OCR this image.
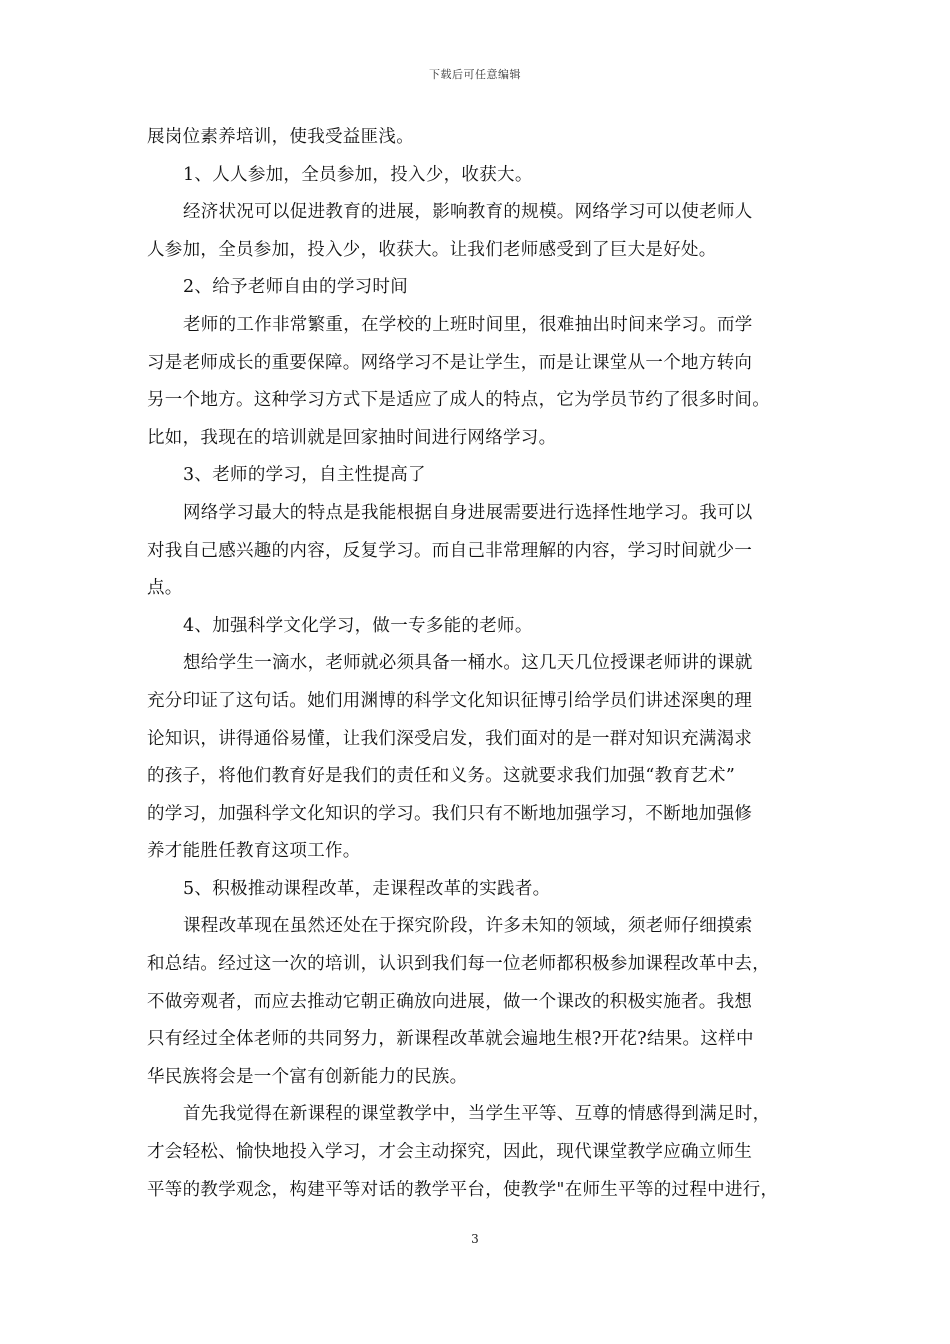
下载后可任意编辑
展岗位素养培训，使我受益匪浅。
1、人人参加，全员参加，投入少，收获大。
经济状况可以促进教育的进展，影响教育的规模。网络学习可以使老师人
人参加，全员参加，投入少，收获大。让我们老师感受到了巨大是好处。
2、给予老师自由的学习时间
老师的工作非常繁重，在学校的上班时间里，很难抽出时间来学习。而学
习是老师成长的重要保障。网络学习不是让学生，而是让课堂从一个地方转向
另一个地方。这种学习方式下是适应了成人的特点，它为学员节约了很多时间。
比如，我现在的培训就是回家抽时间进行网络学习。
3、老师的学习，自主性提高了
网络学习最大的特点是我能根据自身进展需要进行选择性地学习。我可以
对我自己感兴趣的内容，反复学习。而自己非常理解的内容，学习时间就少一
点。
4、加强科学文化学习，做一专多能的老师。
想给学生一滴水，老师就必须具备一桶水。这几天几位授课老师讲的课就
充分印证了这句话。她们用渊博的科学文化知识征博引给学员们讲述深奥的理
论知识，讲得通俗易懂，让我们深受启发，我们面对的是一群对知识充满渴求
的孩子，将他们教育好是我们的责任和义务。这就要求我们加强“教育艺术”
的学习，加强科学文化知识的学习。我们只有不断地加强学习，不断地加强修
养才能胜任教育这项工作。
5、积极推动课程改革，走课程改革的实践者。
课程改革现在虽然还处在于探究阶段，许多未知的领域，须老师仔细摸索
和总结。经过这一次的培训，认识到我们每一位老师都积极参加课程改革中去，
不做旁观者，而应去推动它朝正确放向进展，做一个课改的积极实施者。我想
只有经过全体老师的共同努力，新课程改革就会遍地生根?开花?结果。这样中
华民族将会是一个富有创新能力的民族。
首先我觉得在新课程的课堂教学中，当学生平等、互尊的情感得到满足时，
才会轻松、愉快地投入学习，才会主动探究，因此，现代课堂教学应确立师生
平等的教学观念，构建平等对话的教学平台，使教学"在师生平等的过程中进行，
3
